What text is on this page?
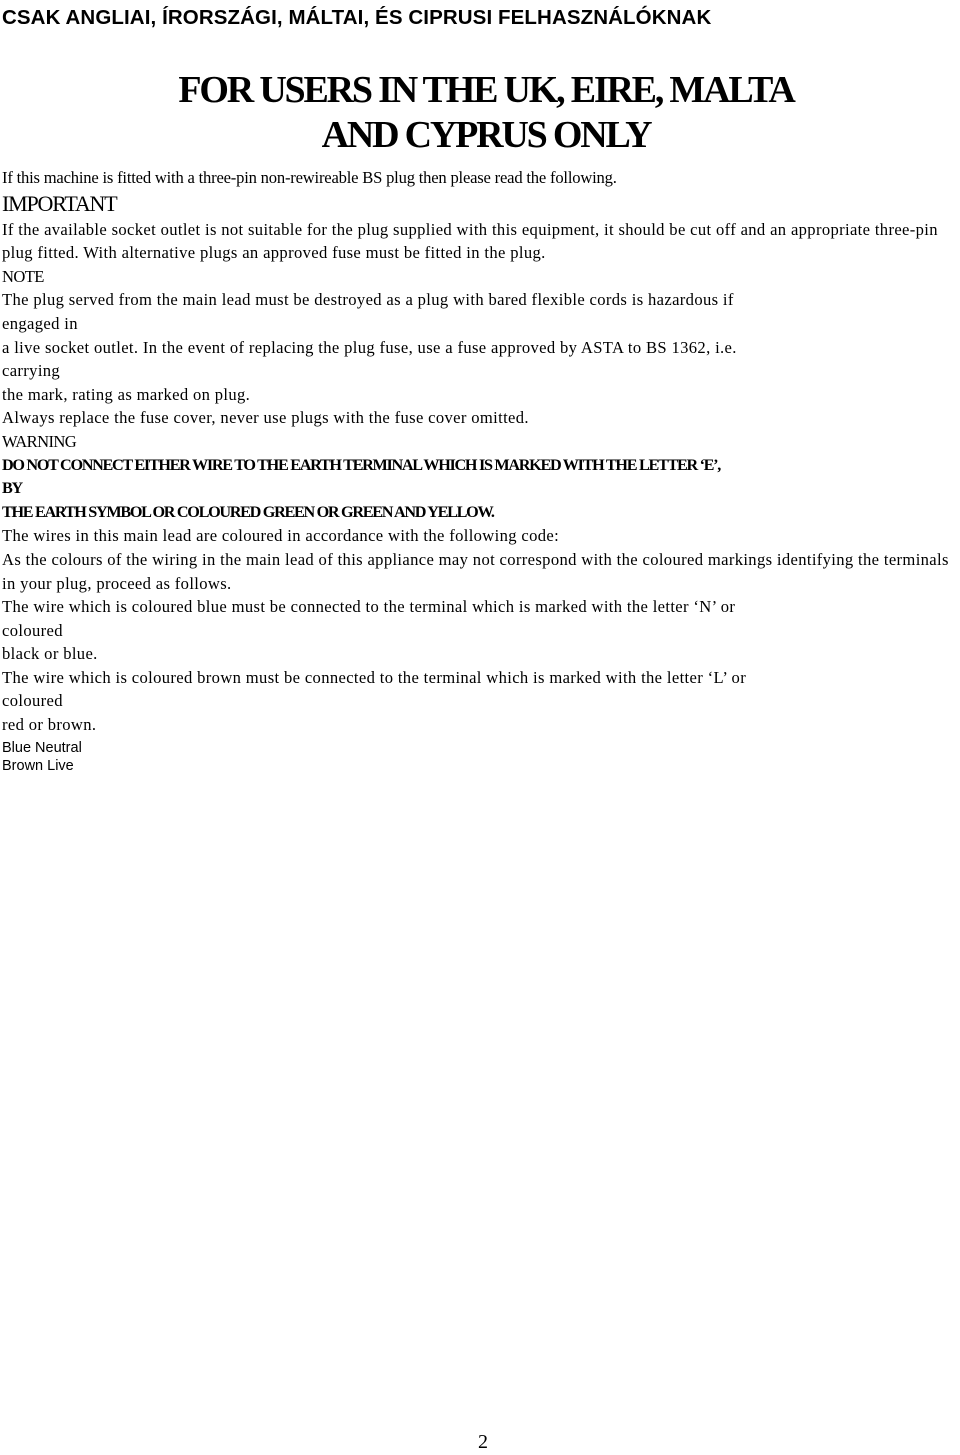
CSAK ANGLIAI, ÍRORSZÁGI, MÁLTAI, ÉS CIPRUSI FELHASZNÁLÓKNAK
FOR USERS IN THE UK, EIRE, MALTA
AND CYPRUS ONLY

If this machine is fitted with a three-pin non-rewireable BS plug then please read the following.

IMPORTANT

If the available socket outlet is not suitable for the plug supplied with this equipment, it should be cut off and an appropriate three-pin plug fitted. With alternative plugs an approved fuse must be fitted in the plug.

NOTE

The plug served from the main lead must be destroyed as a plug with bared flexible cords is hazardous if
engaged in
a live socket outlet. In the event of replacing the plug fuse, use a fuse approved by ASTA to BS 1362, i.e.
carrying
the mark, rating as marked on plug.

Always replace the fuse cover, never use plugs with the fuse cover omitted.

WARNING

DO NOT CONNECT EITHER WIRE TO THE EARTH TERMINAL WHICH IS MARKED WITH THE LETTER ‘E’,
BY
THE EARTH SYMBOL OR COLOURED GREEN OR GREEN AND YELLOW.

The wires in this main lead are coloured in accordance with the following code:

As the colours of the wiring in the main lead of this appliance may not correspond with the coloured markings identifying the terminals in your plug, proceed as follows.

The wire which is coloured blue must be connected to the terminal which is marked with the letter ‘N’ or
coloured
black or blue.

The wire which is coloured brown must be connected to the terminal which is marked with the letter ‘L’ or
coloured
red or brown.

Blue Neutral

Brown Live

2
